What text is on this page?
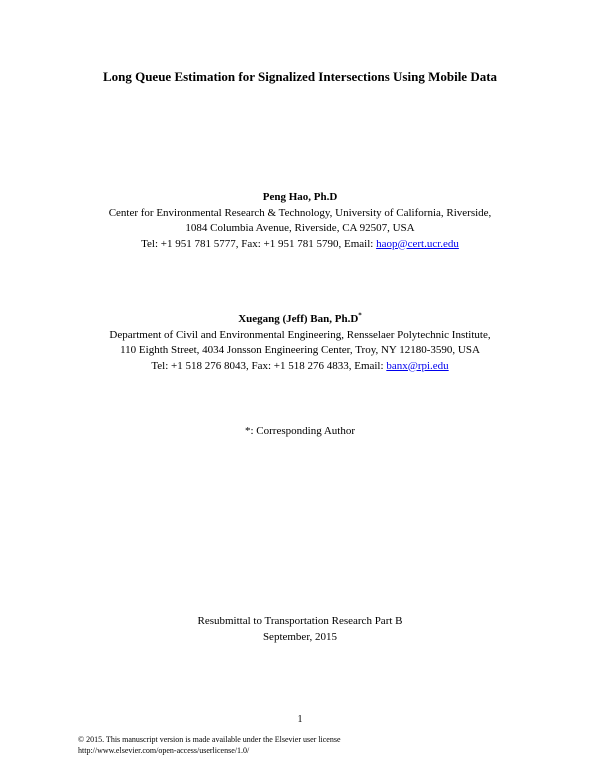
Long Queue Estimation for Signalized Intersections Using Mobile Data
Peng Hao, Ph.D
Center for Environmental Research & Technology, University of California, Riverside,
1084 Columbia Avenue, Riverside, CA 92507, USA
Tel: +1 951 781 5777, Fax: +1 951 781 5790, Email: haop@cert.ucr.edu
Xuegang (Jeff) Ban, Ph.D*
Department of Civil and Environmental Engineering, Rensselaer Polytechnic Institute,
110 Eighth Street, 4034 Jonsson Engineering Center, Troy, NY 12180-3590, USA
Tel: +1 518 276 8043, Fax: +1 518 276 4833, Email: banx@rpi.edu
*: Corresponding Author
Resubmittal to Transportation Research Part B
September, 2015
1
© 2015. This manuscript version is made available under the Elsevier user license
http://www.elsevier.com/open-access/userlicense/1.0/
